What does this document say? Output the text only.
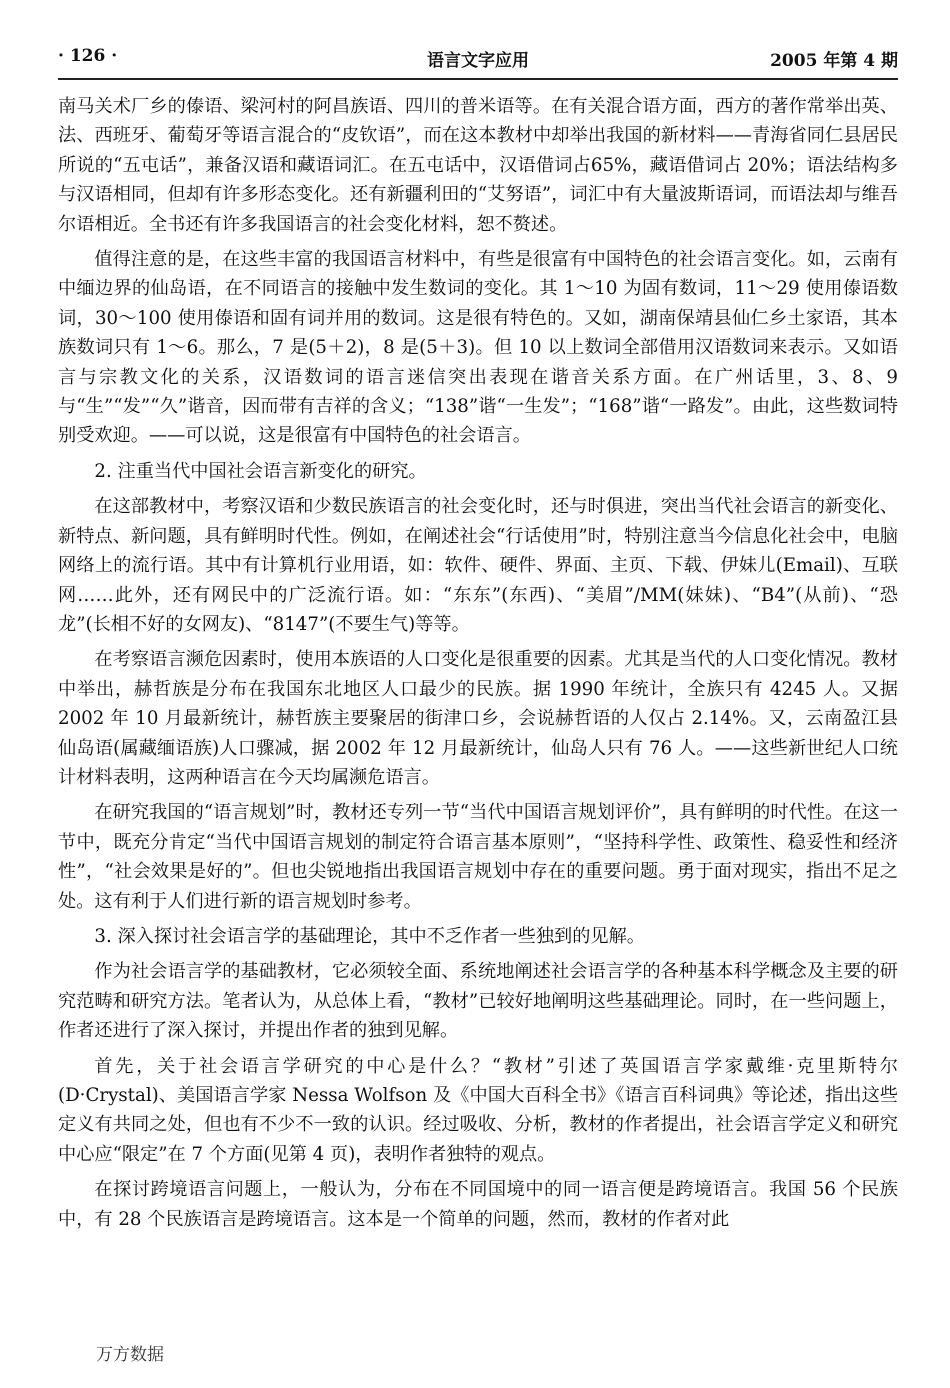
· 126 ·	语言文字应用	2005 年第 4 期

南马关术厂乡的傣语、梁河村的阿昌族语、四川的普米语等。在有关混合语方面，西方的著作常举出英、法、西班牙、葡萄牙等语言混合的“皮钦语”，而在这本教材中却举出我国的新材料——青海省同仁县居民所说的“五屯话”，兼备汉语和藏语词汇。在五屯话中，汉语借词占65%，藏语借词占 20%；语法结构多与汉语相同，但却有许多形态变化。还有新疆利田的“艾努语”，词汇中有大量波斯语词，而语法却与维吾尔语相近。全书还有许多我国语言的社会变化材料，恕不赘述。

值得注意的是，在这些丰富的我国语言材料中，有些是很富有中国特色的社会语言变化。如，云南有中缅边界的仙岛语，在不同语言的接触中发生数词的变化。其 1～10 为固有数词，11～29 使用傣语数词，30～100 使用傣语和固有词并用的数词。这是很有特色的。又如，湖南保靖县仙仁乡土家语，其本族数词只有 1～6。那么，7 是(5＋2)，8 是(5＋3)。但 10 以上数词全部借用汉语数词来表示。又如语言与宗教文化的关系，汉语数词的语言迷信突出表现在谐音关系方面。在广州话里，3、8、9 与“生”“发”“久”谐音，因而带有吉祥的含义；“138”谐“一生发”；“168”谐“一路发”。由此，这些数词特别受欢迎。——可以说，这是很富有中国特色的社会语言。

2. 注重当代中国社会语言新变化的研究。

在这部教材中，考察汉语和少数民族语言的社会变化时，还与时俱进，突出当代社会语言的新变化、新特点、新问题，具有鲜明时代性。例如，在阐述社会“行话使用”时，特别注意当今信息化社会中，电脑网络上的流行语。其中有计算机行业用语，如：软件、硬件、界面、主页、下载、伊妹儿(Email)、互联网……此外，还有网民中的广泛流行语。如：“东东”(东西)、“美眉”/MM(妹妹)、“B4”(从前)、“恐龙”(长相不好的女网友)、“8147”(不要生气)等等。

在考察语言濒危因素时，使用本族语的人口变化是很重要的因素。尤其是当代的人口变化情况。教材中举出，赫哲族是分布在我国东北地区人口最少的民族。据 1990 年统计，全族只有 4245 人。又据 2002 年 10 月最新统计，赫哲族主要聚居的街津口乡，会说赫哲语的人仅占 2.14%。又，云南盈江县仙岛语(属藏缅语族)人口骤减，据 2002 年 12 月最新统计，仙岛人只有 76 人。——这些新世纪人口统计材料表明，这两种语言在今天均属濒危语言。

在研究我国的“语言规划”时，教材还专列一节“当代中国语言规划评价”，具有鲜明的时代性。在这一节中，既充分肯定“当代中国语言规划的制定符合语言基本原则”，“坚持科学性、政策性、稳妥性和经济性”，“社会效果是好的”。但也尖锐地指出我国语言规划中存在的重要问题。勇于面对现实，指出不足之处。这有利于人们进行新的语言规划时参考。

3. 深入探讨社会语言学的基础理论，其中不乏作者一些独到的见解。

作为社会语言学的基础教材，它必须较全面、系统地阐述社会语言学的各种基本科学概念及主要的研究范畴和研究方法。笔者认为，从总体上看，“教材”已较好地阐明这些基础理论。同时，在一些问题上，作者还进行了深入探讨，并提出作者的独到见解。

首先，关于社会语言学研究的中心是什么？“教材”引述了英国语言学家戴维·克里斯特尔(D·Crystal)、美国语言学家 Nessa Wolfson 及《中国大百科全书》《语言百科词典》等论述，指出这些定义有共同之处，但也有不少不一致的认识。经过吸收、分析，教材的作者提出，社会语言学定义和研究中心应“限定”在 7 个方面(见第 4 页)，表明作者独特的观点。

在探讨跨境语言问题上，一般认为，分布在不同国境中的同一语言便是跨境语言。我国 56 个民族中，有 28 个民族语言是跨境语言。这本是一个简单的问题，然而，教材的作者对此

万方数据
